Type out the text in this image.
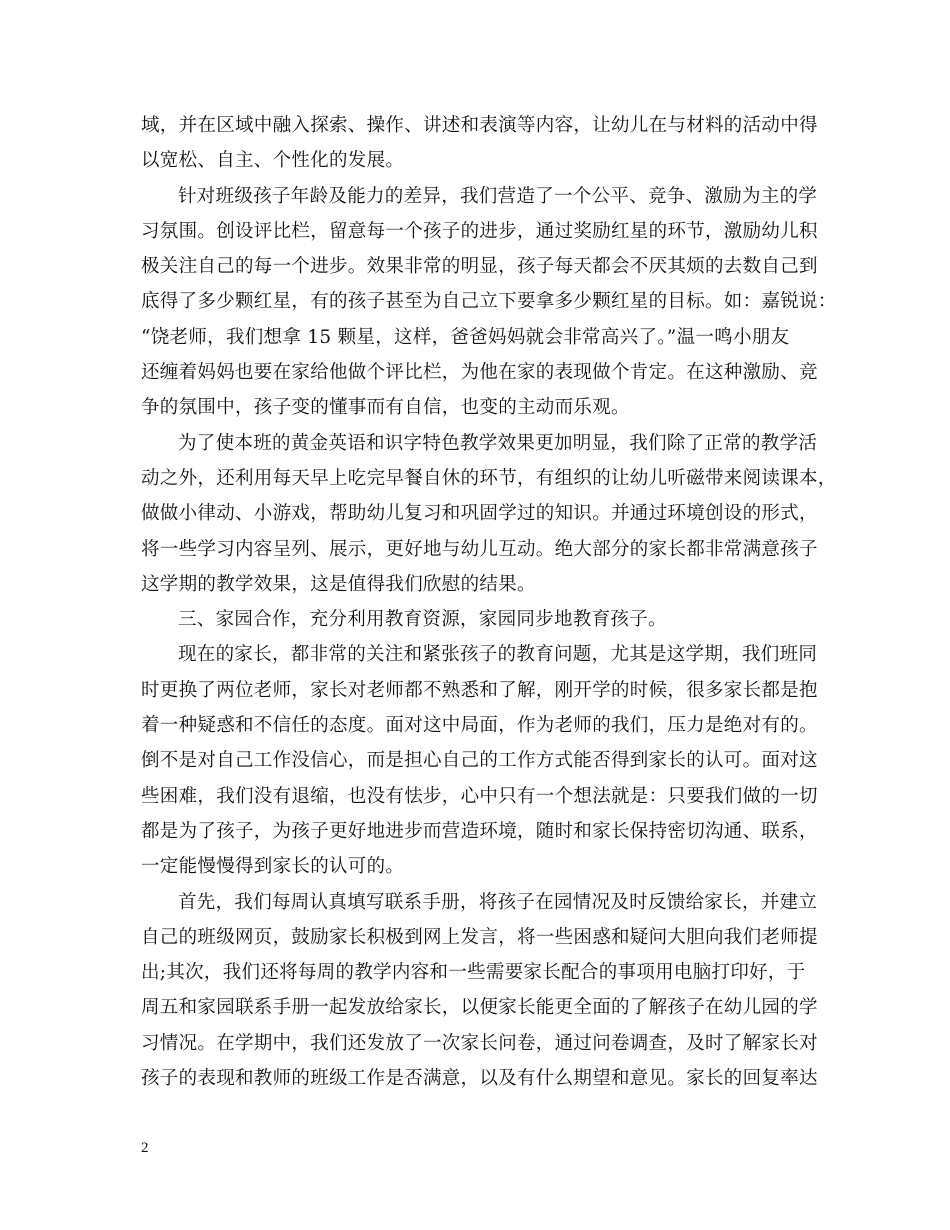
域，并在区域中融入探索、操作、讲述和表演等内容，让幼儿在与材料的活动中得
以宽松、自主、个性化的发展。
针对班级孩子年龄及能力的差异，我们营造了一个公平、竞争、激励为主的学
习氛围。创设评比栏，留意每一个孩子的进步，通过奖励红星的环节，激励幼儿积
极关注自己的每一个进步。效果非常的明显，孩子每天都会不厌其烦的去数自己到
底得了多少颗红星，有的孩子甚至为自己立下要拿多少颗红星的目标。如：嘉锐说：
“饶老师，我们想拿 15 颗星，这样，爸爸妈妈就会非常高兴了。”温一鸣小朋友
还缠着妈妈也要在家给他做个评比栏，为他在家的表现做个肯定。在这种激励、竞
争的氛围中，孩子变的懂事而有自信，也变的主动而乐观。
为了使本班的黄金英语和识字特色教学效果更加明显，我们除了正常的教学活
动之外，还利用每天早上吃完早餐自休的环节，有组织的让幼儿听磁带来阅读课本，
做做小律动、小游戏，帮助幼儿复习和巩固学过的知识。并通过环境创设的形式，
将一些学习内容呈列、展示，更好地与幼儿互动。绝大部分的家长都非常满意孩子
这学期的教学效果，这是值得我们欣慰的结果。
三、家园合作，充分利用教育资源，家园同步地教育孩子。
现在的家长，都非常的关注和紧张孩子的教育问题，尤其是这学期，我们班同
时更换了两位老师，家长对老师都不熟悉和了解，刚开学的时候，很多家长都是抱
着一种疑惑和不信任的态度。面对这中局面，作为老师的我们，压力是绝对有的。
倒不是对自己工作没信心，而是担心自己的工作方式能否得到家长的认可。面对这
些困难，我们没有退缩，也没有怯步，心中只有一个想法就是：只要我们做的一切
都是为了孩子，为孩子更好地进步而营造环境，随时和家长保持密切沟通、联系，
一定能慢慢得到家长的认可的。
首先，我们每周认真填写联系手册，将孩子在园情况及时反馈给家长，并建立
自己的班级网页，鼓励家长积极到网上发言，将一些困惑和疑问大胆向我们老师提
出;其次，我们还将每周的教学内容和一些需要家长配合的事项用电脑打印好，于
周五和家园联系手册一起发放给家长，以便家长能更全面的了解孩子在幼儿园的学
习情况。在学期中，我们还发放了一次家长问卷，通过问卷调查，及时了解家长对
孩子的表现和教师的班级工作是否满意，以及有什么期望和意见。家长的回复率达
2
